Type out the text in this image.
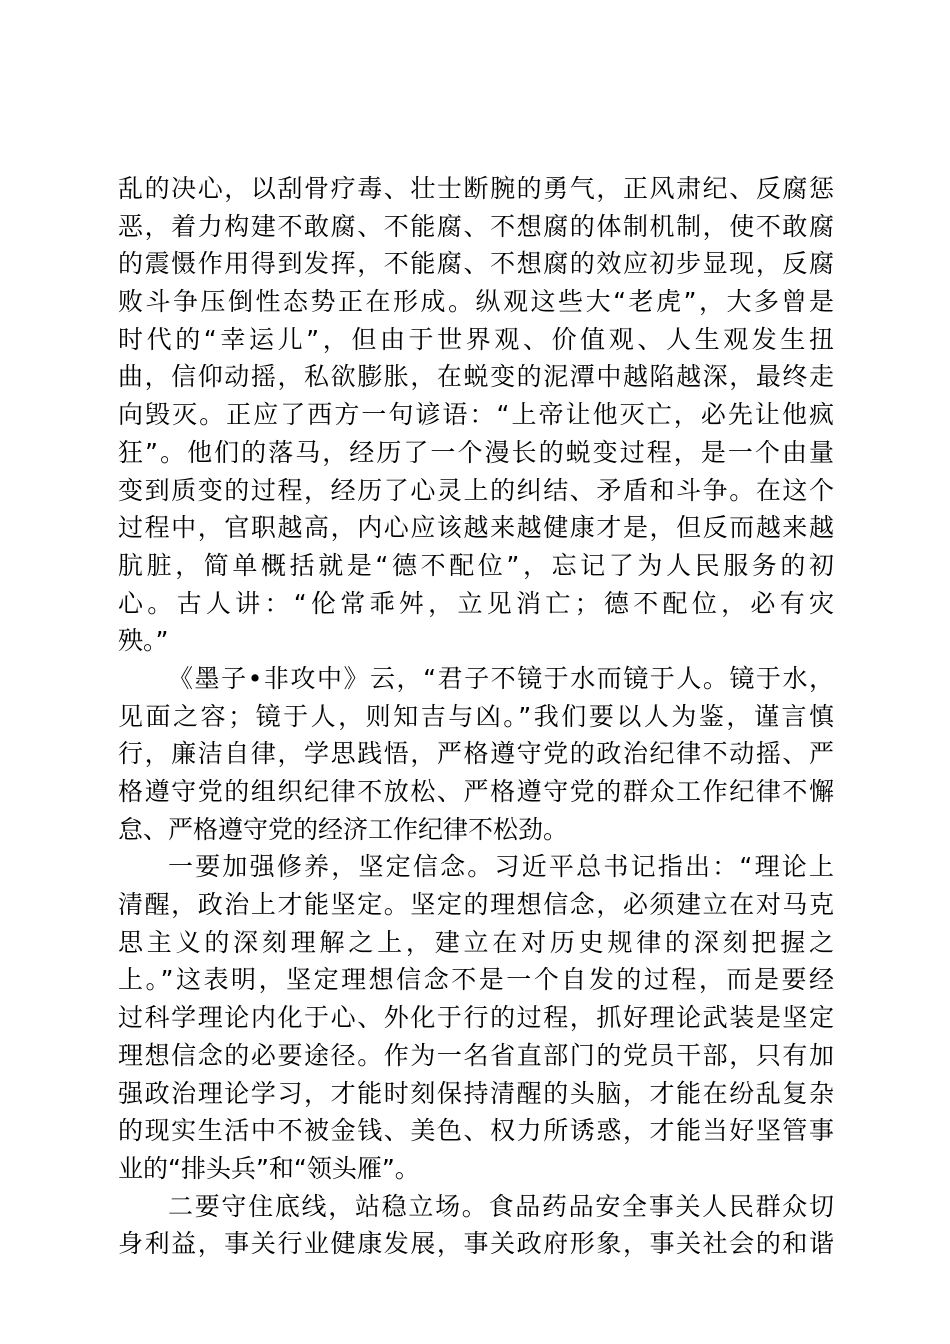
乱的决心，以刮骨疗毒、壮士断腕的勇气，正风肃纪、反腐惩
恶，着力构建不敢腐、不能腐、不想腐的体制机制，使不敢腐
的震慑作用得到发挥，不能腐、不想腐的效应初步显现，反腐
败斗争压倒性态势正在形成。纵观这些大“老虎”，大多曾是
时代的“幸运儿”，但由于世界观、价值观、人生观发生扭
曲，信仰动摇，私欲膨胀，在蜕变的泥潭中越陷越深，最终走
向毁灭。正应了西方一句谚语：“上帝让他灭亡，必先让他疯
狂”。他们的落马，经历了一个漫长的蜕变过程，是一个由量
变到质变的过程，经历了心灵上的纠结、矛盾和斗争。在这个
过程中，官职越高，内心应该越来越健康才是，但反而越来越
肮脏，简单概括就是“德不配位”，忘记了为人民服务的初
心。古人讲：“伦常乖舛，立见消亡；德不配位，必有灾
殃。”
《墨子•非攻中》云，“君子不镜于水而镜于人。镜于水，
见面之容；镜于人，则知吉与凶。”我们要以人为鉴，谨言慎
行，廉洁自律，学思践悟，严格遵守党的政治纪律不动摇、严
格遵守党的组织纪律不放松、严格遵守党的群众工作纪律不懈
怠、严格遵守党的经济工作纪律不松劲。
一要加强修养，坚定信念。习近平总书记指出：“理论上
清醒，政治上才能坚定。坚定的理想信念，必须建立在对马克
思主义的深刻理解之上，建立在对历史规律的深刻把握之
上。”这表明，坚定理想信念不是一个自发的过程，而是要经
过科学理论内化于心、外化于行的过程，抓好理论武装是坚定
理想信念的必要途径。作为一名省直部门的党员干部，只有加
强政治理论学习，才能时刻保持清醒的头脑，才能在纷乱复杂
的现实生活中不被金钱、美色、权力所诱惑，才能当好坚管事
业的“排头兵”和“领头雁”。
二要守住底线，站稳立场。食品药品安全事关人民群众切
身利益，事关行业健康发展，事关政府形象，事关社会的和谐
